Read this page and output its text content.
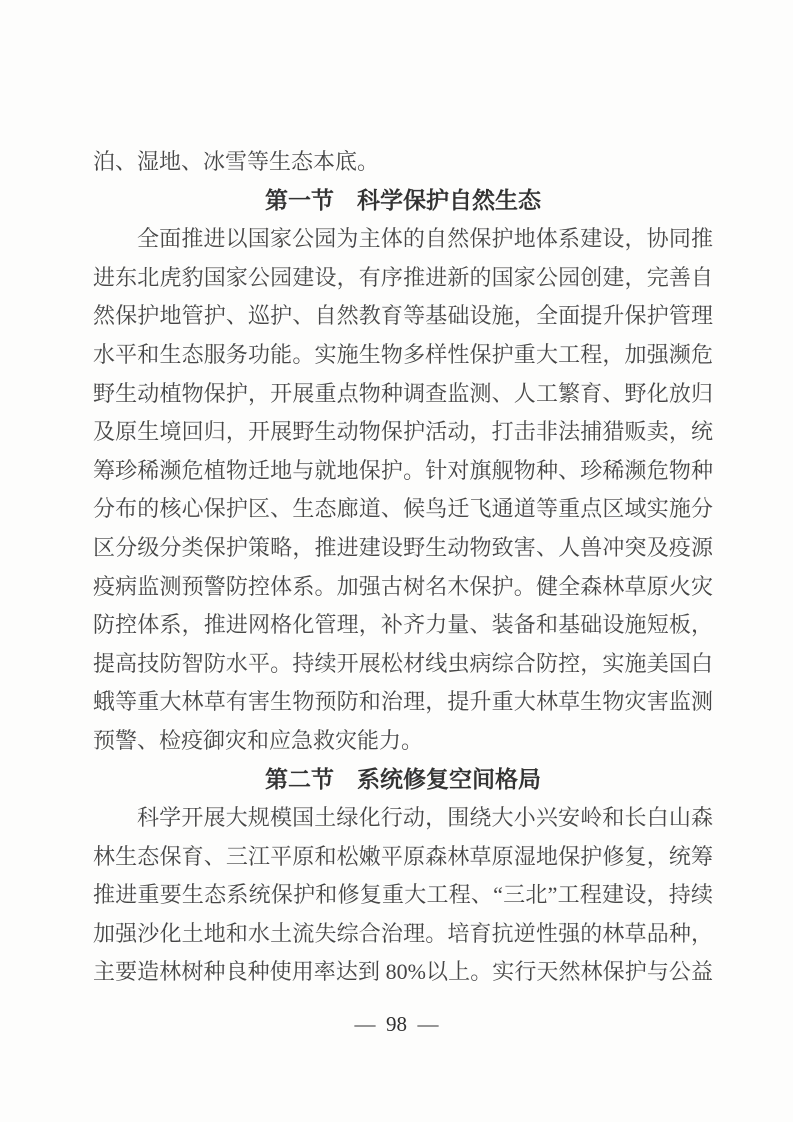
泊、湿地、冰雪等生态本底。
第一节　科学保护自然生态
全面推进以国家公园为主体的自然保护地体系建设，协同推
进东北虎豹国家公园建设，有序推进新的国家公园创建，完善自
然保护地管护、巡护、自然教育等基础设施，全面提升保护管理
水平和生态服务功能。实施生物多样性保护重大工程，加强濒危
野生动植物保护，开展重点物种调查监测、人工繁育、野化放归
及原生境回归，开展野生动物保护活动，打击非法捕猎贩卖，统
筹珍稀濒危植物迁地与就地保护。针对旗舰物种、珍稀濒危物种
分布的核心保护区、生态廊道、候鸟迁飞通道等重点区域实施分
区分级分类保护策略，推进建设野生动物致害、人兽冲突及疫源
疫病监测预警防控体系。加强古树名木保护。健全森林草原火灾
防控体系，推进网格化管理，补齐力量、装备和基础设施短板，
提高技防智防水平。持续开展松材线虫病综合防控，实施美国白
蛾等重大林草有害生物预防和治理，提升重大林草生物灾害监测
预警、检疫御灾和应急救灾能力。
第二节　系统修复空间格局
科学开展大规模国土绿化行动，围绕大小兴安岭和长白山森
林生态保育、三江平原和松嫩平原森林草原湿地保护修复，统筹
推进重要生态系统保护和修复重大工程、“三北”工程建设，持续
加强沙化土地和水土流失综合治理。培育抗逆性强的林草品种，
主要造林树种良种使用率达到 80%以上。实行天然林保护与公益
—  98  —
